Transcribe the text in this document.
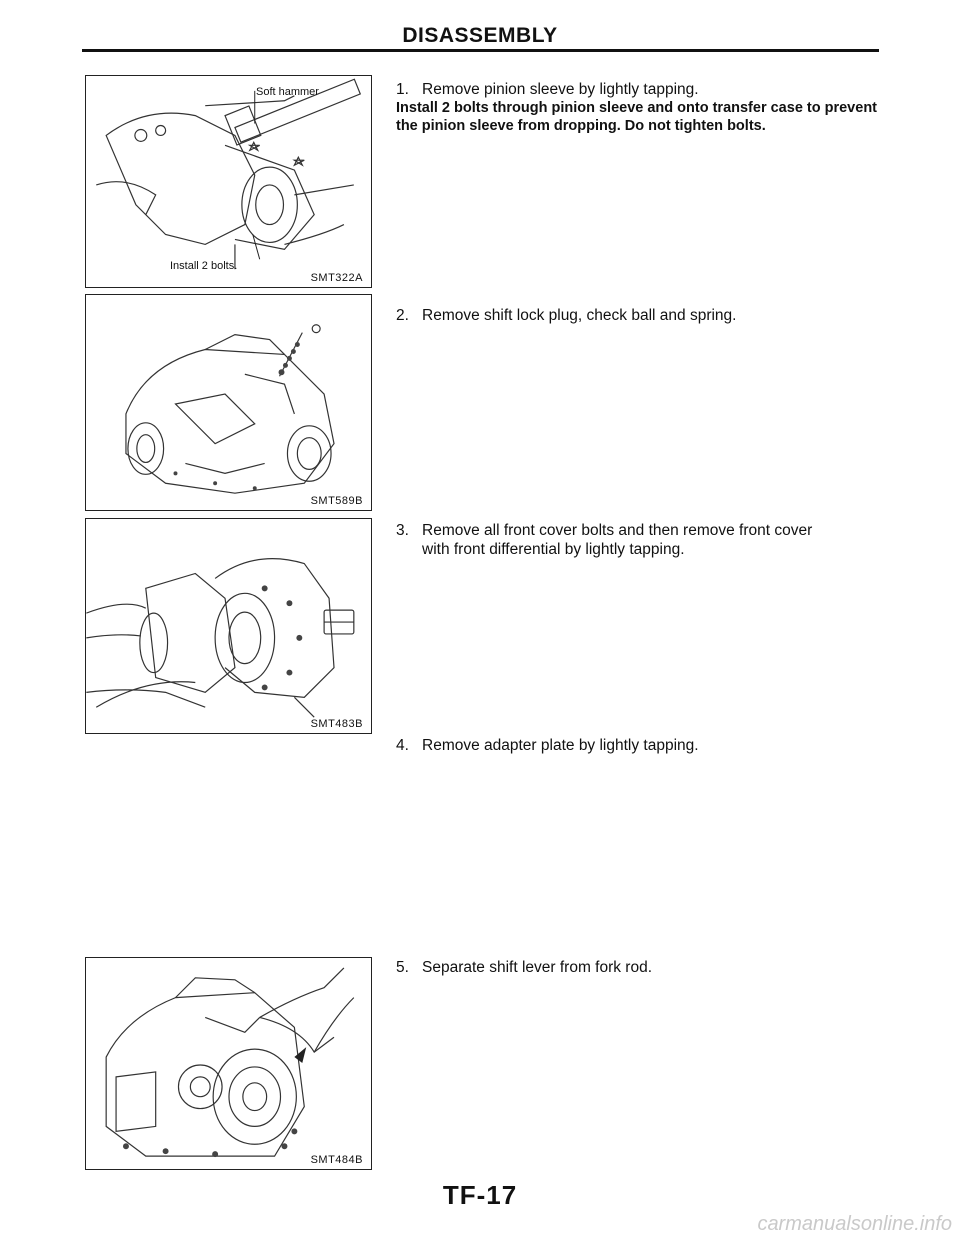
DISASSEMBLY
Soft hammer
Install 2 bolts.
SMT322A
SMT589B
SMT483B
SMT484B
1. Remove pinion sleeve by lightly tapping.
Install 2 bolts through pinion sleeve and onto transfer case to prevent the pinion sleeve from dropping. Do not tighten bolts.
2. Remove shift lock plug, check ball and spring.
3. Remove all front cover bolts and then remove front cover
with front differential by lightly tapping.
4. Remove adapter plate by lightly tapping.
5. Separate shift lever from fork rod.
TF-17
carmanualsonline.info
